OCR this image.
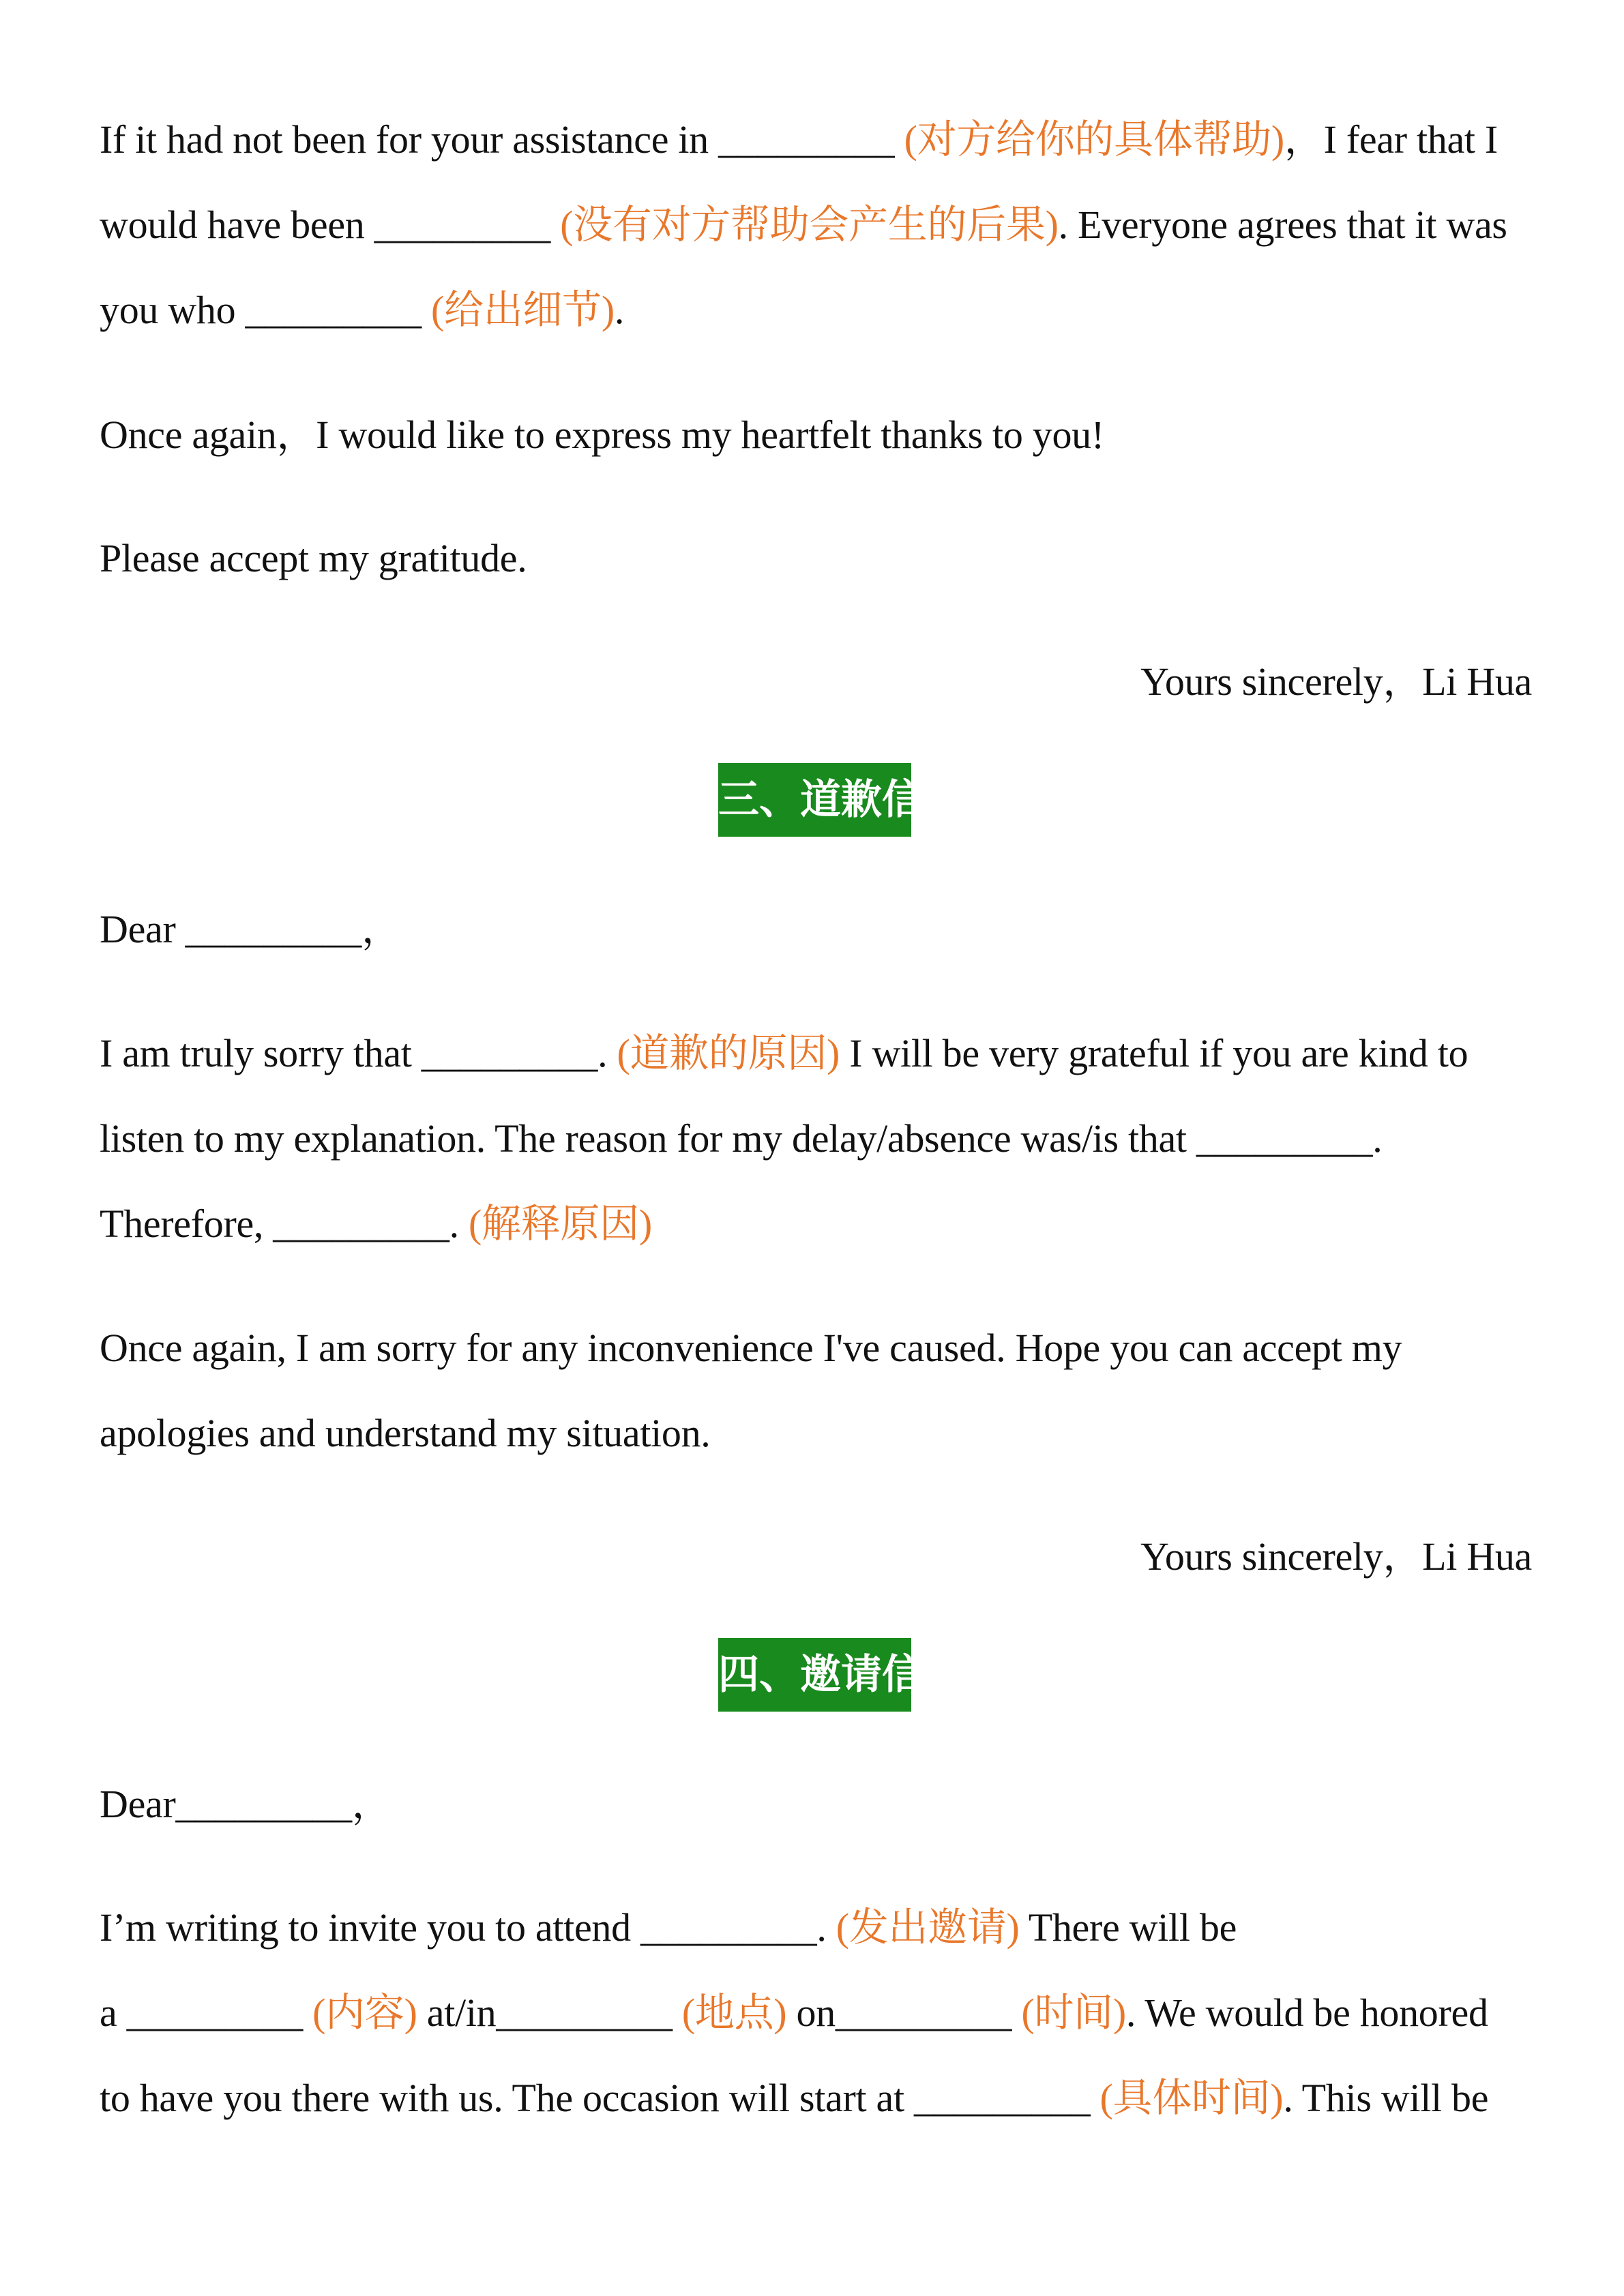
If it had not been for your assistance in _________ (对方给你的具体帮助)，I fear that I
would have been _________ (没有对方帮助会产生的后果). Everyone agrees that it was
you who _________ (给出细节).
Once again，I would like to express my heartfelt thanks to you!
Please accept my gratitude.
Yours sincerely，Li Hua
三、道歉信
Dear _________，
I am truly sorry that _________. (道歉的原因) I will be very grateful if you are kind to
listen to my explanation. The reason for my delay/absence was/is that _________.
Therefore, _________. (解释原因)
Once again, I am sorry for any inconvenience I've caused. Hope you can accept my
apologies and understand my situation.
Yours sincerely，Li Hua
四、邀请信
Dear_________，
I’m writing to invite you to attend _________. (发出邀请) There will be
a _________ (内容) at/in_________ (地点) on_________ (时间). We would be honored
to have you there with us. The occasion will start at _________ (具体时间). This will be
